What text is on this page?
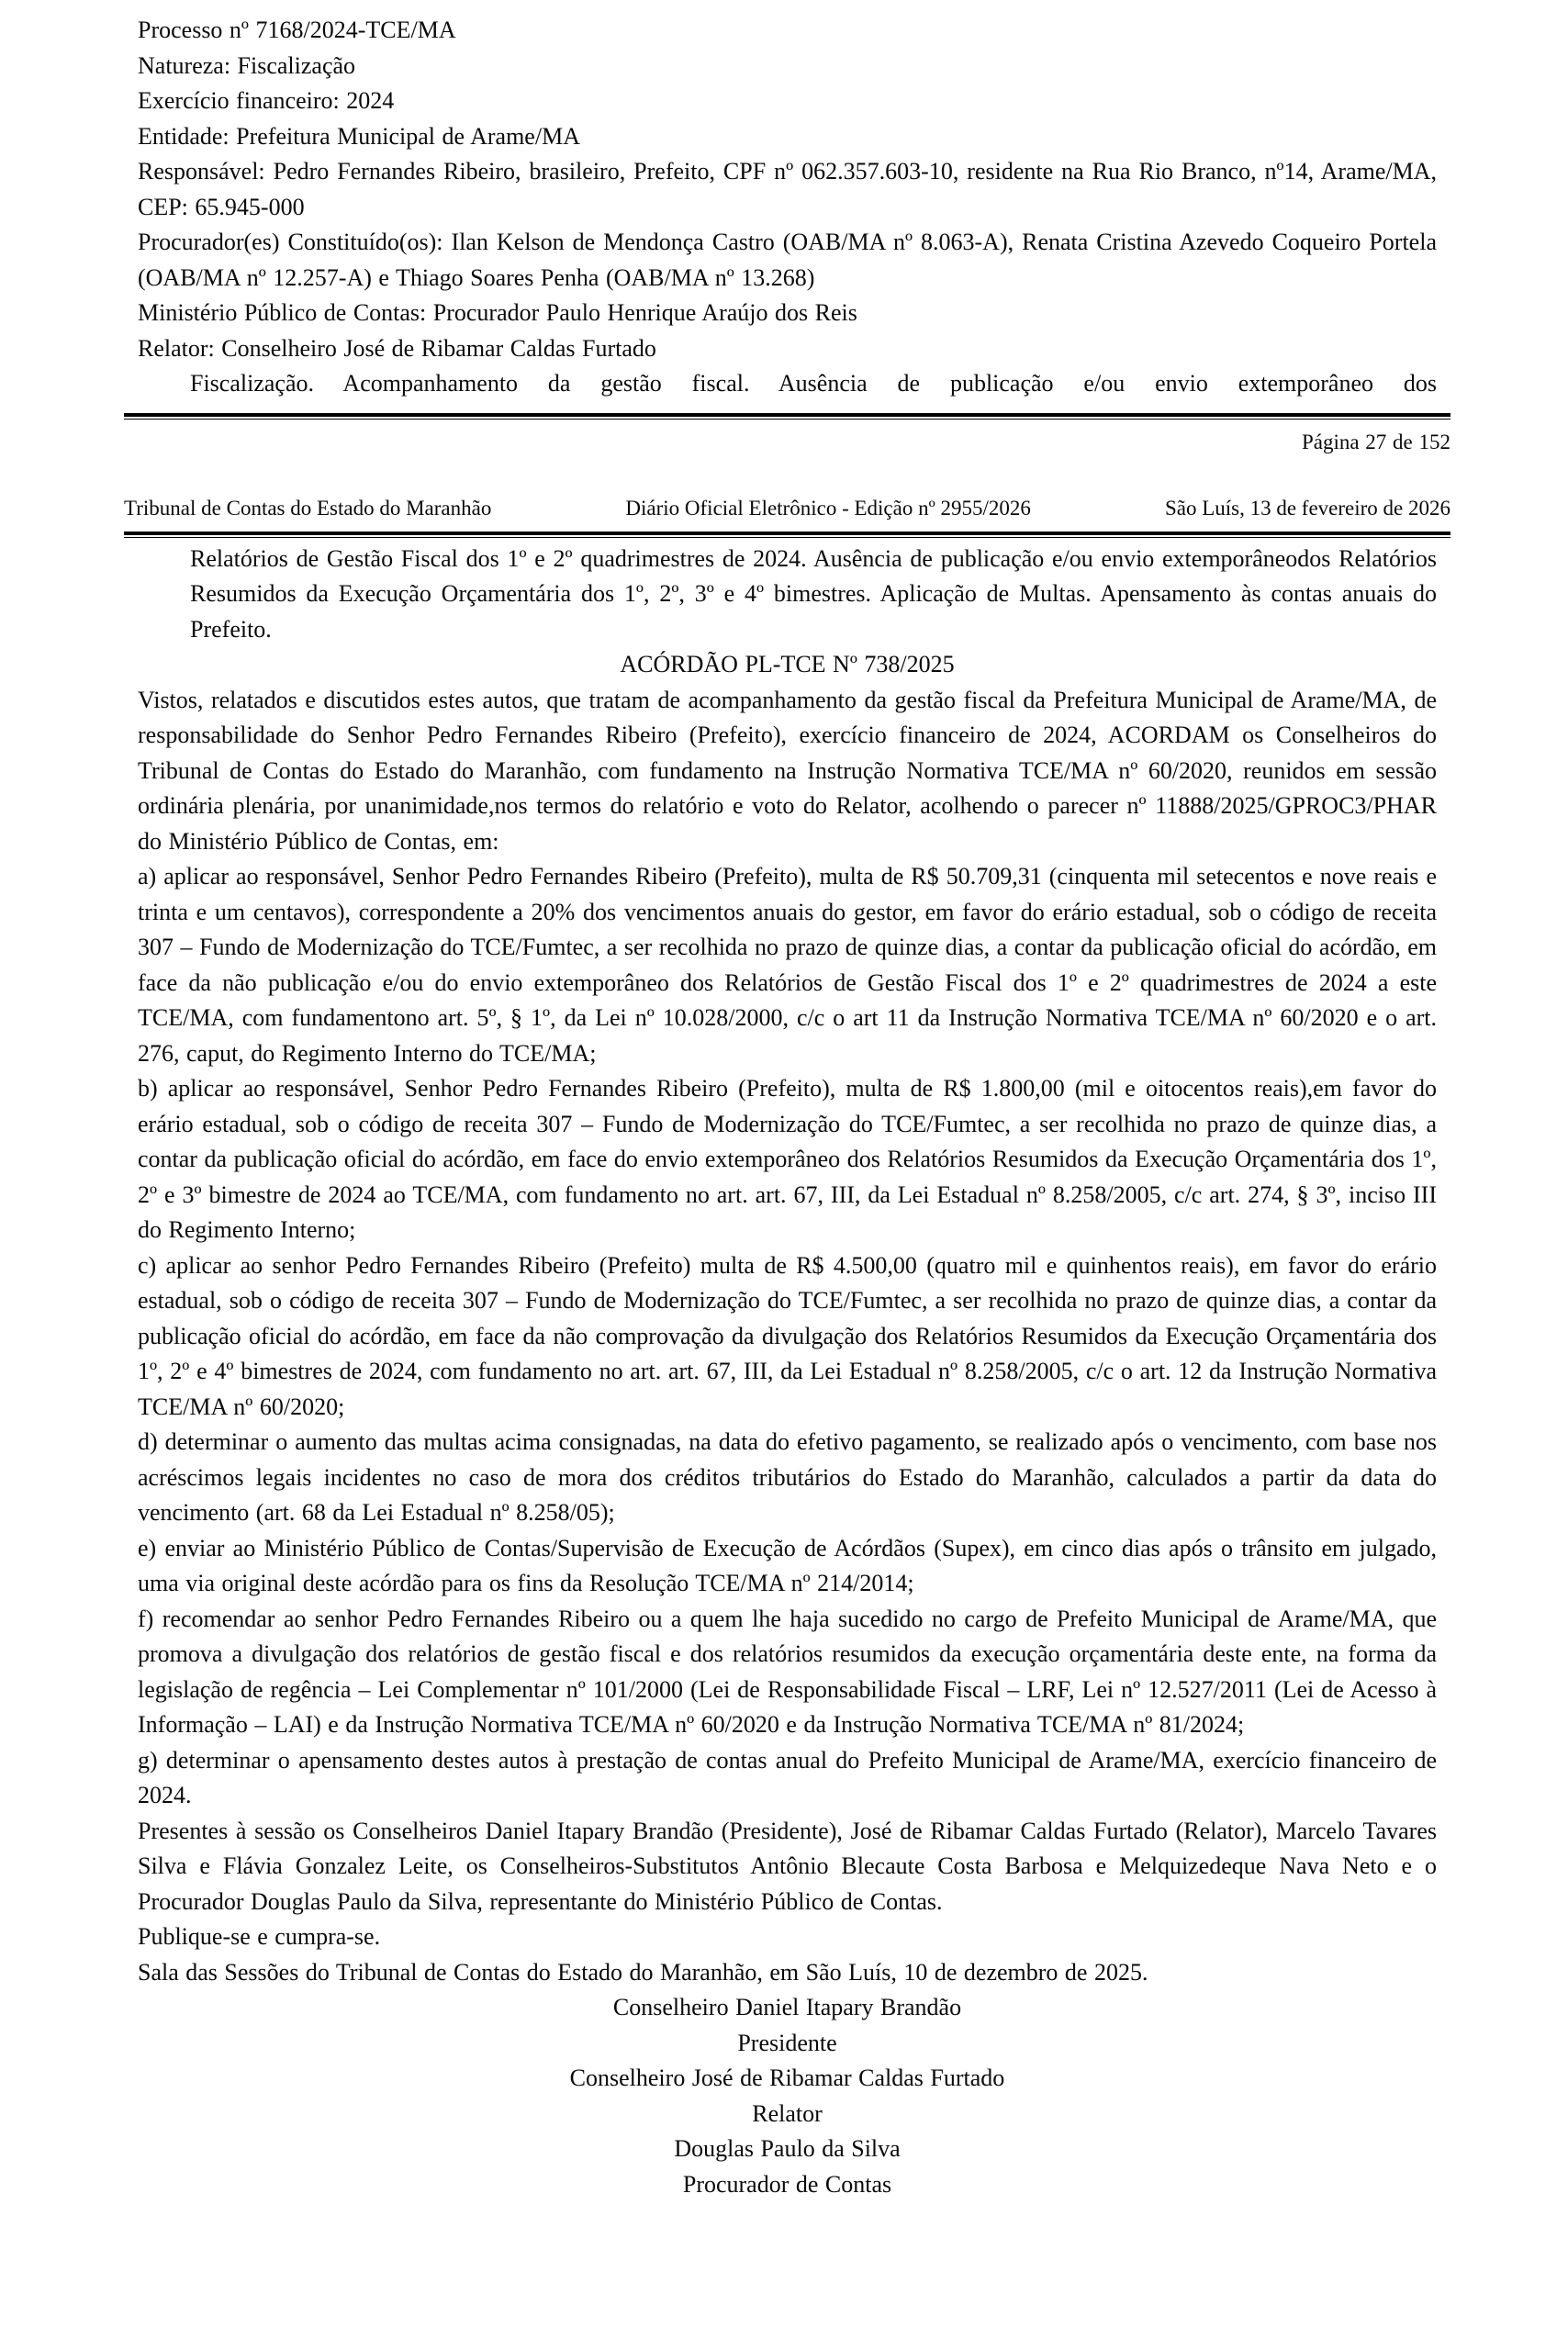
Processo nº 7168/2024-TCE/MA

Natureza: Fiscalização

Exercício financeiro: 2024

Entidade: Prefeitura Municipal de Arame/MA

Responsável: Pedro Fernandes Ribeiro, brasileiro, Prefeito, CPF nº 062.357.603-10, residente na Rua Rio Branco, nº14, Arame/MA, CEP: 65.945-000

Procurador(es) Constituído(os): Ilan Kelson de Mendonça Castro (OAB/MA nº 8.063-A), Renata Cristina Azevedo Coqueiro Portela (OAB/MA nº 12.257-A) e Thiago Soares Penha (OAB/MA nº 13.268)

Ministério Público de Contas: Procurador Paulo Henrique Araújo dos Reis

Relator: Conselheiro José de Ribamar Caldas Furtado

Fiscalização. Acompanhamento da gestão fiscal. Ausência de publicação e/ou envio extemporâneo dos

Página 27 de 152

Tribunal de Contas do Estado do Maranhão	Diário Oficial Eletrônico - Edição nº 2955/2026	São Luís, 13 de fevereiro de 2026

Relatórios de Gestão Fiscal dos 1º e 2º quadrimestres de 2024. Ausência de publicação e/ou envio extemporâneodos Relatórios Resumidos da Execução Orçamentária dos 1º, 2º, 3º e 4º bimestres. Aplicação de Multas. Apensamento às contas anuais do Prefeito.

ACÓRDÃO PL-TCE Nº 738/2025

Vistos, relatados e discutidos estes autos, que tratam de acompanhamento da gestão fiscal da Prefeitura Municipal de Arame/MA, de responsabilidade do Senhor Pedro Fernandes Ribeiro (Prefeito), exercício financeiro de 2024, ACORDAM os Conselheiros do Tribunal de Contas do Estado do Maranhão, com fundamento na Instrução Normativa TCE/MA nº 60/2020, reunidos em sessão ordinária plenária, por unanimidade,nos termos do relatório e voto do Relator, acolhendo o parecer nº 11888/2025/GPROC3/PHAR do Ministério Público de Contas, em:

a) aplicar ao responsável, Senhor Pedro Fernandes Ribeiro (Prefeito), multa de R$ 50.709,31 (cinquenta mil setecentos e nove reais e trinta e um centavos), correspondente a 20% dos vencimentos anuais do gestor, em favor do erário estadual, sob o código de receita 307 – Fundo de Modernização do TCE/Fumtec, a ser recolhida no prazo de quinze dias, a contar da publicação oficial do acórdão, em face da não publicação e/ou do envio extemporâneo dos Relatórios de Gestão Fiscal dos 1º e 2º quadrimestres de 2024 a este TCE/MA, com fundamentono art. 5º, § 1º, da Lei nº 10.028/2000, c/c o art 11 da Instrução Normativa TCE/MA nº 60/2020 e o art. 276, caput, do Regimento Interno do TCE/MA;

b) aplicar ao responsável, Senhor Pedro Fernandes Ribeiro (Prefeito), multa de R$ 1.800,00 (mil e oitocentos reais),em favor do erário estadual, sob o código de receita 307 – Fundo de Modernização do TCE/Fumtec, a ser recolhida no prazo de quinze dias, a contar da publicação oficial do acórdão, em face do envio extemporâneo dos Relatórios Resumidos da Execução Orçamentária dos 1º, 2º e 3º bimestre de 2024 ao TCE/MA, com fundamento no art. art. 67, III, da Lei Estadual nº 8.258/2005, c/c art. 274, § 3º, inciso III do Regimento Interno;

c) aplicar ao senhor Pedro Fernandes Ribeiro (Prefeito) multa de R$ 4.500,00 (quatro mil e quinhentos reais), em favor do erário estadual, sob o código de receita 307 – Fundo de Modernização do TCE/Fumtec, a ser recolhida no prazo de quinze dias, a contar da publicação oficial do acórdão, em face da não comprovação da divulgação dos Relatórios Resumidos da Execução Orçamentária dos 1º, 2º e 4º bimestres de 2024, com fundamento no art. art. 67, III, da Lei Estadual nº 8.258/2005, c/c o art. 12 da Instrução Normativa TCE/MA nº 60/2020;

d) determinar o aumento das multas acima consignadas, na data do efetivo pagamento, se realizado após o vencimento, com base nos acréscimos legais incidentes no caso de mora dos créditos tributários do Estado do Maranhão, calculados a partir da data do vencimento (art. 68 da Lei Estadual nº 8.258/05);

e) enviar ao Ministério Público de Contas/Supervisão de Execução de Acórdãos (Supex), em cinco dias após o trânsito em julgado, uma via original deste acórdão para os fins da Resolução TCE/MA nº 214/2014;

f) recomendar ao senhor Pedro Fernandes Ribeiro ou a quem lhe haja sucedido no cargo de Prefeito Municipal de Arame/MA, que promova a divulgação dos relatórios de gestão fiscal e dos relatórios resumidos da execução orçamentária deste ente, na forma da legislação de regência – Lei Complementar nº 101/2000 (Lei de Responsabilidade Fiscal – LRF, Lei nº 12.527/2011 (Lei de Acesso à Informação – LAI) e da Instrução Normativa TCE/MA nº 60/2020 e da Instrução Normativa TCE/MA nº 81/2024;

g) determinar o apensamento destes autos à prestação de contas anual do Prefeito Municipal de Arame/MA, exercício financeiro de 2024.

Presentes à sessão os Conselheiros Daniel Itapary Brandão (Presidente), José de Ribamar Caldas Furtado (Relator), Marcelo Tavares Silva e Flávia Gonzalez Leite, os Conselheiros-Substitutos Antônio Blecaute Costa Barbosa e Melquizedeque Nava Neto e o Procurador Douglas Paulo da Silva, representante do Ministério Público de Contas.

Publique-se e cumpra-se.

Sala das Sessões do Tribunal de Contas do Estado do Maranhão, em São Luís, 10 de dezembro de 2025.

Conselheiro Daniel Itapary Brandão

Presidente

Conselheiro José de Ribamar Caldas Furtado

Relator

Douglas Paulo da Silva

Procurador de Contas
